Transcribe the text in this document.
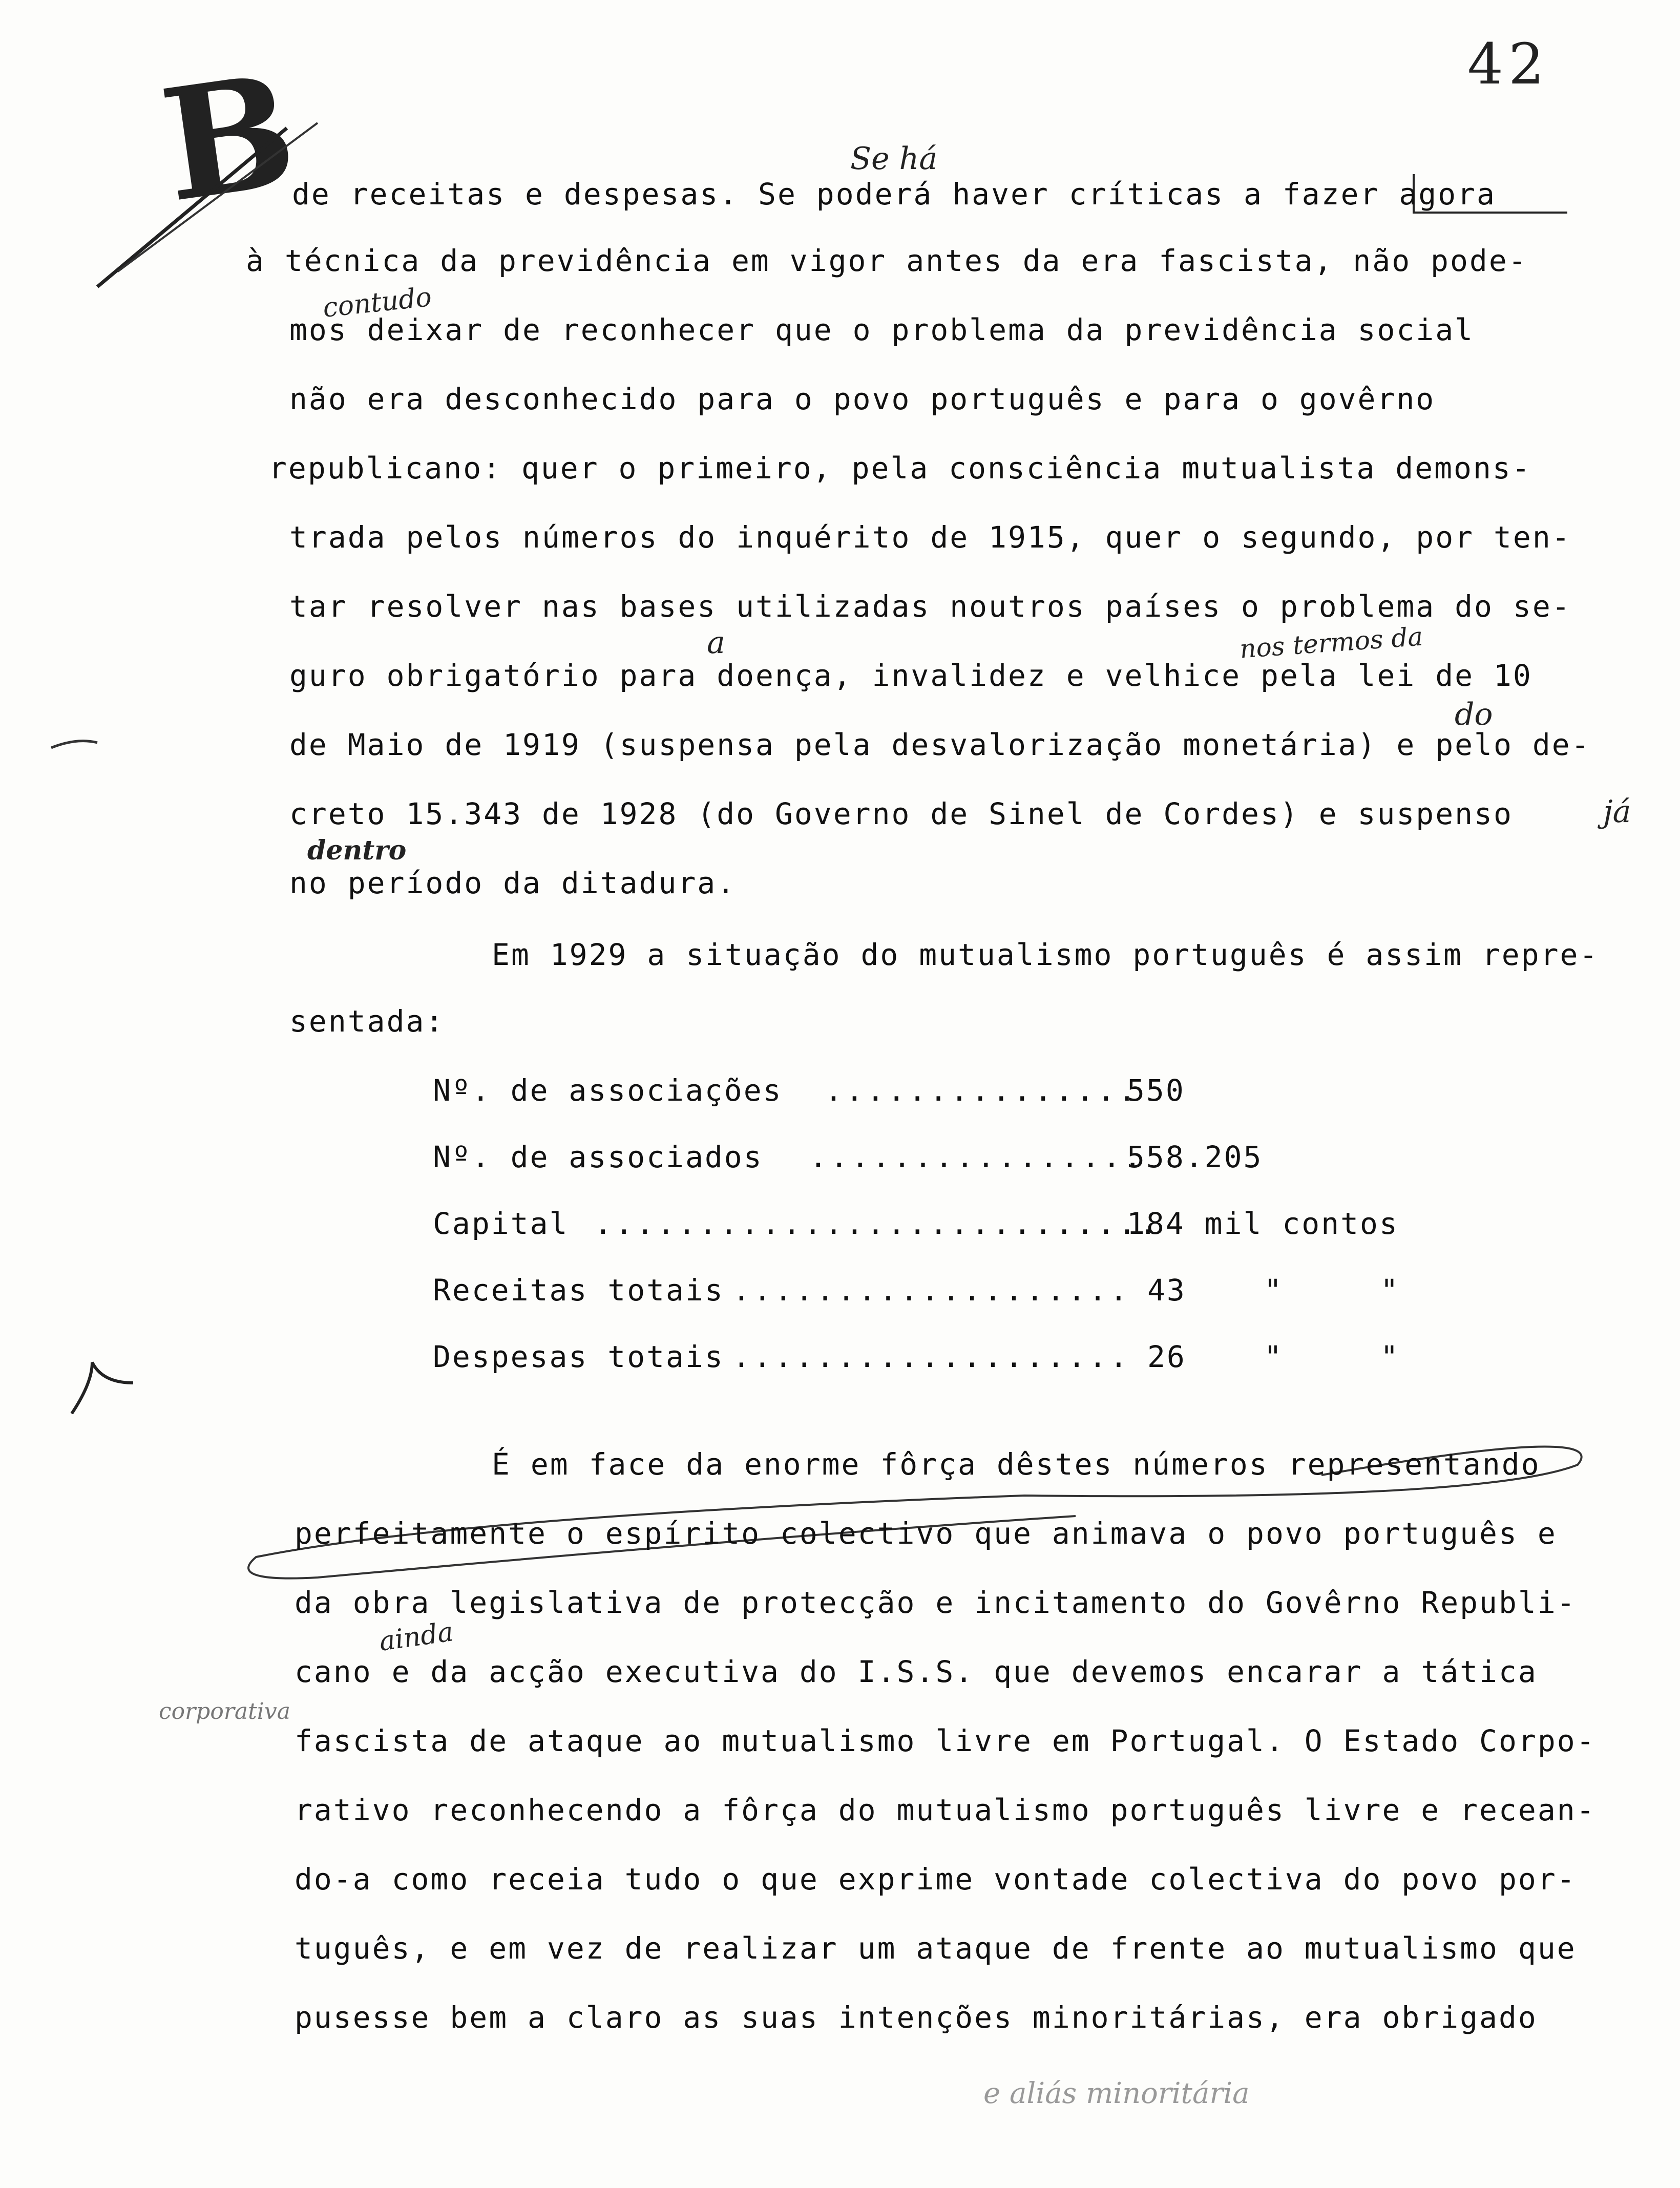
42
B
de receitas e despesas. Se poderá haver críticas a fazer agora
à técnica da previdência em vigor antes da era fascista, não pode-
mos deixar de reconhecer que o problema da previdência social
não era desconhecido para o povo português e para o govêrno
republicano: quer o primeiro, pela consciência mutualista demons-
trada pelos números do inquérito de 1915, quer o segundo, por ten-
tar resolver nas bases utilizadas noutros países o problema do se-
guro obrigatório para doença, invalidez e velhice pela lei de 10
de Maio de 1919 (suspensa pela desvalorização monetária) e pelo de-
creto 15.343 de 1928 (do Governo de Sinel de Cordes) e suspenso
no período da ditadura.
Em 1929 a situação do mutualismo português é assim repre-
sentada:
Nº. de associações ...............
550
Nº. de associados ................
558.205
Capital ...........................
184 mil contos
Receitas totais ................... 43    "     "
Despesas totais ................... 26    "     "
É em face da enorme fôrça dêstes números representando
perfeitamente o espírito colectivo que animava o povo português e
da obra legislativa de protecção e incitamento do Govêrno Republi-
cano e da acção executiva do I.S.S. que devemos encarar a tática
fascista de ataque ao mutualismo livre em Portugal. O Estado Corpo-
rativo reconhecendo a fôrça do mutualismo português livre e recean-
do-a como receia tudo o que exprime vontade colectiva do povo por-
tuguês, e em vez de realizar um ataque de frente ao mutualismo que
pusesse bem a claro as suas intenções minoritárias, era obrigado
Se há
contudo
a	nos termos da
do
já
dentro
ainda
corporativa
e aliás minoritária
